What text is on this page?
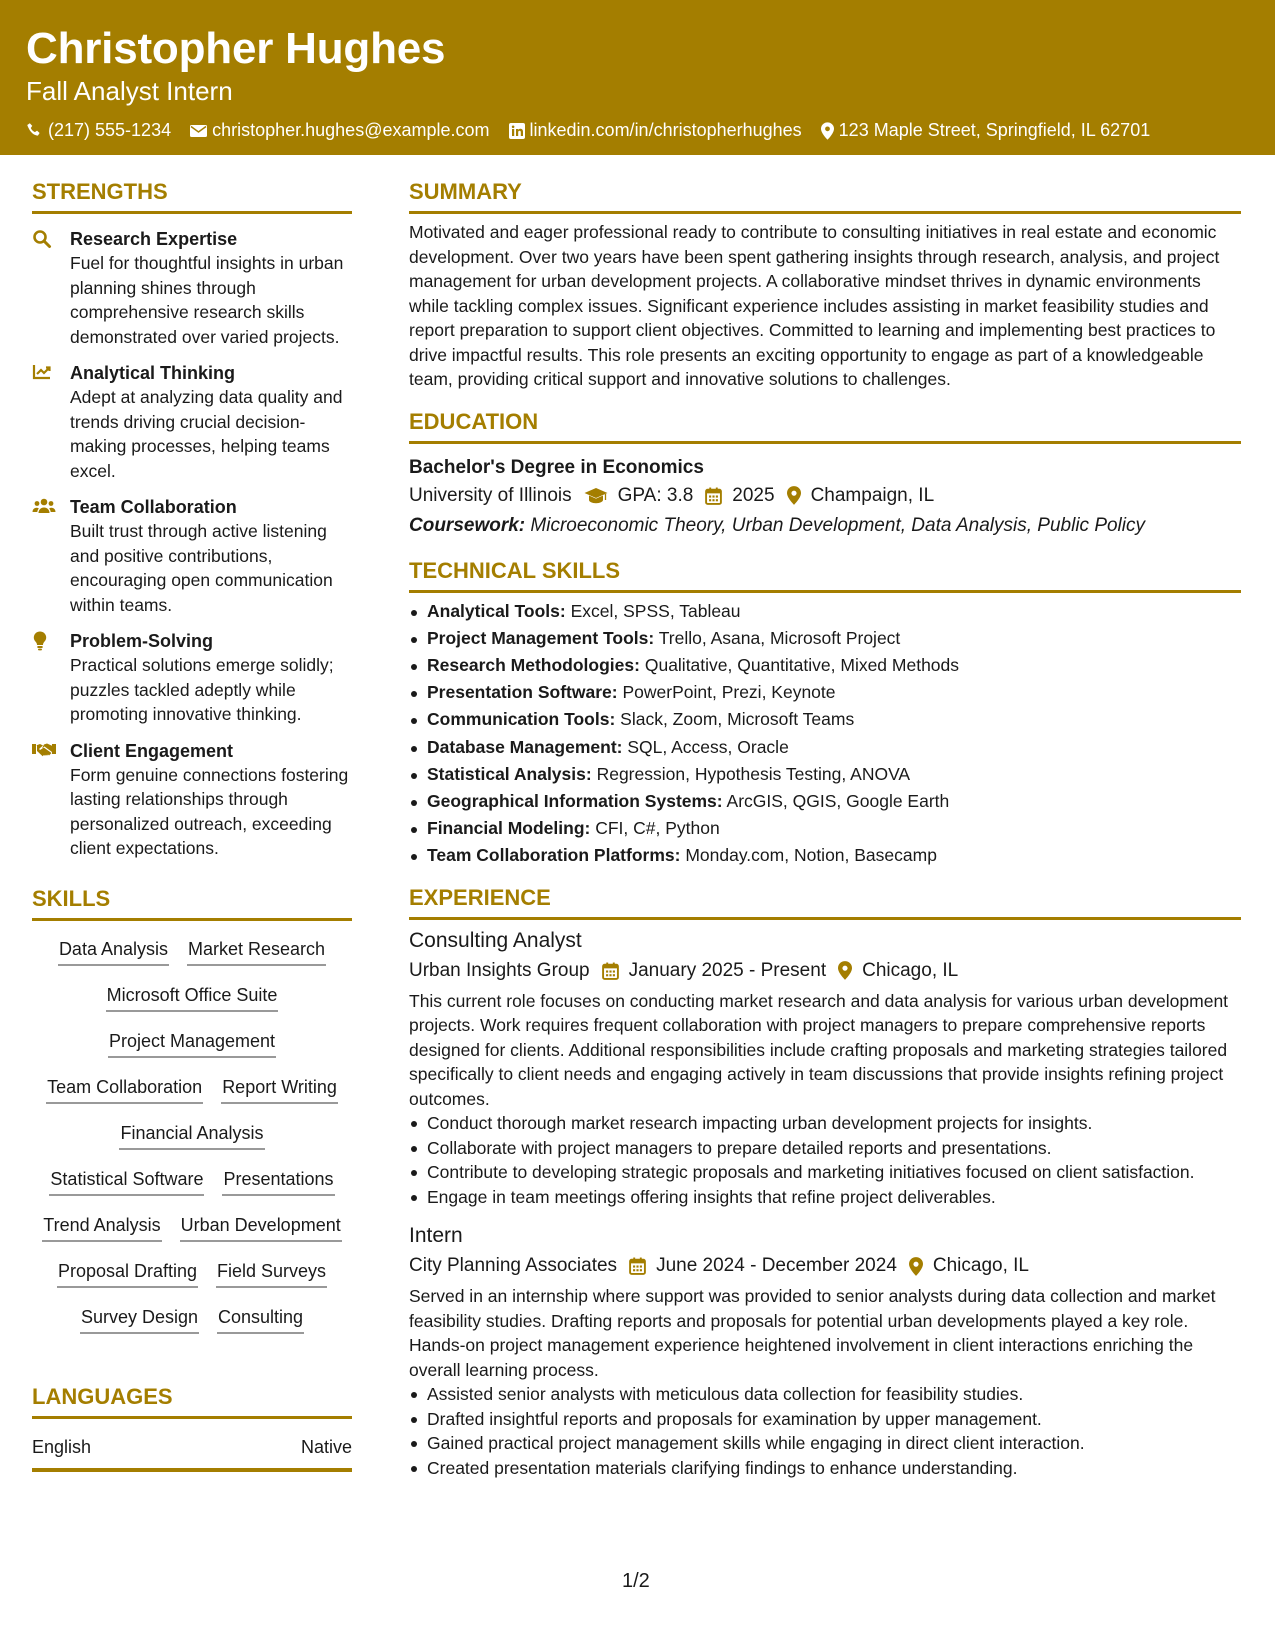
Christopher Hughes
Fall Analyst Intern
(217) 555-1234 christopher.hughes@example.com linkedin.com/in/christopherhughes 123 Maple Street, Springfield, IL 62701
STRENGTHS
Research Expertise
Fuel for thoughtful insights in urban planning shines through comprehensive research skills demonstrated over varied projects.
Analytical Thinking
Adept at analyzing data quality and trends driving crucial decision-making processes, helping teams excel.
Team Collaboration
Built trust through active listening and positive contributions, encouraging open communication within teams.
Problem-Solving
Practical solutions emerge solidly; puzzles tackled adeptly while promoting innovative thinking.
Client Engagement
Form genuine connections fostering lasting relationships through personalized outreach, exceeding client expectations.
SKILLS
Data Analysis Market Research
Microsoft Office Suite
Project Management
Team Collaboration Report Writing
Financial Analysis
Statistical Software Presentations
Trend Analysis Urban Development
Proposal Drafting Field Surveys
Survey Design Consulting
LANGUAGES
English	Native
SUMMARY
Motivated and eager professional ready to contribute to consulting initiatives in real estate and economic development. Over two years have been spent gathering insights through research, analysis, and project management for urban development projects. A collaborative mindset thrives in dynamic environments while tackling complex issues. Significant experience includes assisting in market feasibility studies and report preparation to support client objectives. Committed to learning and implementing best practices to drive impactful results. This role presents an exciting opportunity to engage as part of a knowledgeable team, providing critical support and innovative solutions to challenges.
EDUCATION
Bachelor's Degree in Economics
University of Illinois GPA: 3.8 2025 Champaign, IL
Coursework: Microeconomic Theory, Urban Development, Data Analysis, Public Policy
TECHNICAL SKILLS
Analytical Tools: Excel, SPSS, Tableau
Project Management Tools: Trello, Asana, Microsoft Project
Research Methodologies: Qualitative, Quantitative, Mixed Methods
Presentation Software: PowerPoint, Prezi, Keynote
Communication Tools: Slack, Zoom, Microsoft Teams
Database Management: SQL, Access, Oracle
Statistical Analysis: Regression, Hypothesis Testing, ANOVA
Geographical Information Systems: ArcGIS, QGIS, Google Earth
Financial Modeling: CFI, C#, Python
Team Collaboration Platforms: Monday.com, Notion, Basecamp
EXPERIENCE
Consulting Analyst
Urban Insights Group January 2025 - Present Chicago, IL
This current role focuses on conducting market research and data analysis for various urban development projects. Work requires frequent collaboration with project managers to prepare comprehensive reports designed for clients. Additional responsibilities include crafting proposals and marketing strategies tailored specifically to client needs and engaging actively in team discussions that provide insights refining project outcomes.
Conduct thorough market research impacting urban development projects for insights.
Collaborate with project managers to prepare detailed reports and presentations.
Contribute to developing strategic proposals and marketing initiatives focused on client satisfaction.
Engage in team meetings offering insights that refine project deliverables.
Intern
City Planning Associates June 2024 - December 2024 Chicago, IL
Served in an internship where support was provided to senior analysts during data collection and market feasibility studies. Drafting reports and proposals for potential urban developments played a key role. Hands-on project management experience heightened involvement in client interactions enriching the overall learning process.
Assisted senior analysts with meticulous data collection for feasibility studies.
Drafted insightful reports and proposals for examination by upper management.
Gained practical project management skills while engaging in direct client interaction.
Created presentation materials clarifying findings to enhance understanding.
1/2
